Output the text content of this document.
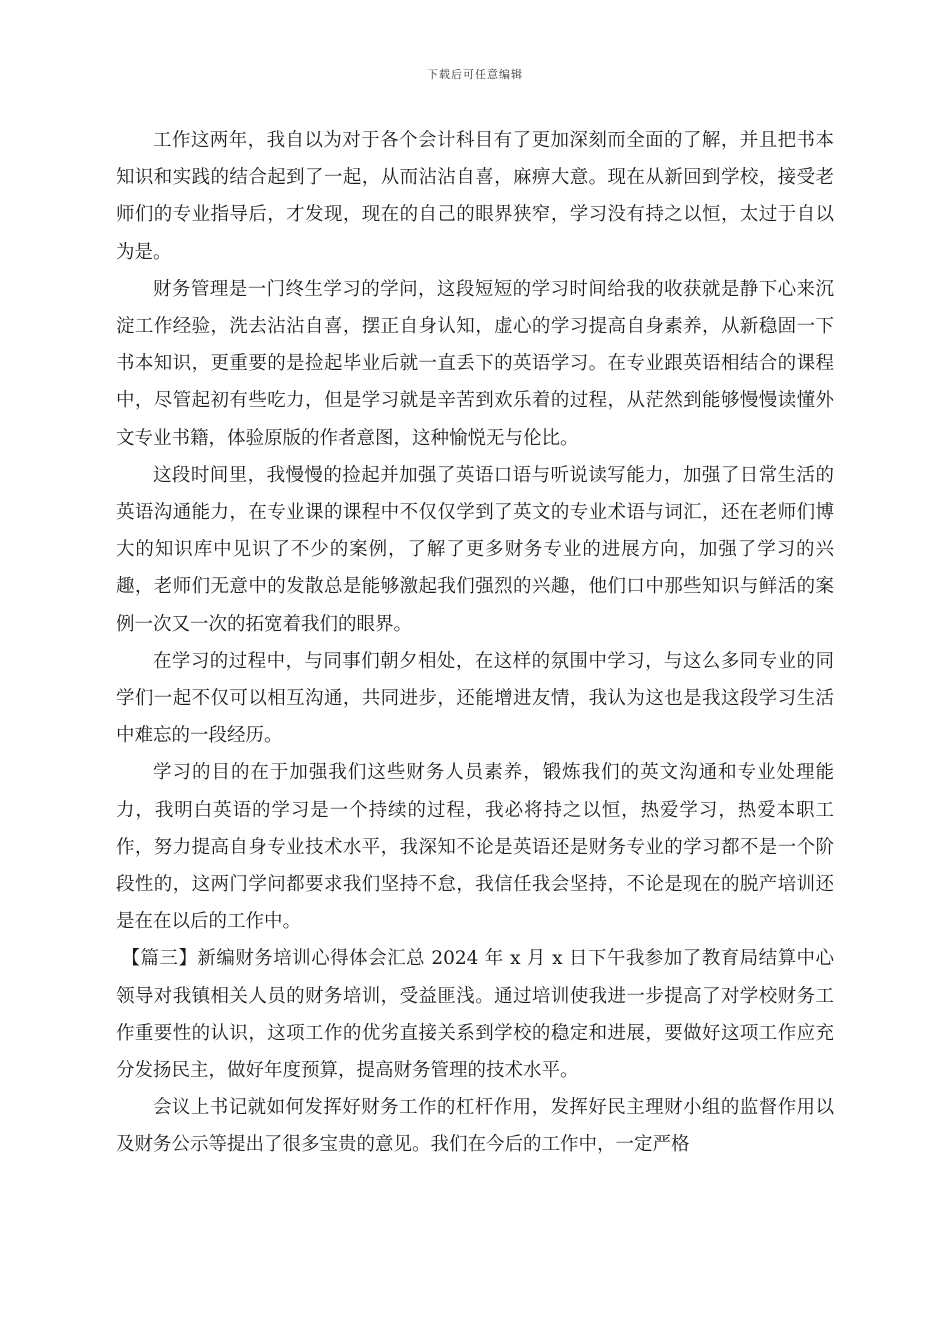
下载后可任意编辑

工作这两年，我自以为对于各个会计科目有了更加深刻而全面的了解，并且把书本知识和实践的结合起到了一起，从而沾沾自喜，麻痹大意。现在从新回到学校，接受老师们的专业指导后，才发现，现在的自己的眼界狭窄，学习没有持之以恒，太过于自以为是。

财务管理是一门终生学习的学问，这段短短的学习时间给我的收获就是静下心来沉淀工作经验，洗去沾沾自喜，摆正自身认知，虚心的学习提高自身素养，从新稳固一下书本知识，更重要的是捡起毕业后就一直丢下的英语学习。在专业跟英语相结合的课程中，尽管起初有些吃力，但是学习就是辛苦到欢乐着的过程，从茫然到能够慢慢读懂外文专业书籍，体验原版的作者意图，这种愉悦无与伦比。

这段时间里，我慢慢的捡起并加强了英语口语与听说读写能力，加强了日常生活的英语沟通能力，在专业课的课程中不仅仅学到了英文的专业术语与词汇，还在老师们博大的知识库中见识了不少的案例，了解了更多财务专业的进展方向，加强了学习的兴趣，老师们无意中的发散总是能够激起我们强烈的兴趣，他们口中那些知识与鲜活的案例一次又一次的拓宽着我们的眼界。

在学习的过程中，与同事们朝夕相处，在这样的氛围中学习，与这么多同专业的同学们一起不仅可以相互沟通，共同进步，还能增进友情，我认为这也是我这段学习生活中难忘的一段经历。

学习的目的在于加强我们这些财务人员素养，锻炼我们的英文沟通和专业处理能力，我明白英语的学习是一个持续的过程，我必将持之以恒，热爱学习，热爱本职工作，努力提高自身专业技术水平，我深知不论是英语还是财务专业的学习都不是一个阶段性的，这两门学问都要求我们坚持不怠，我信任我会坚持，不论是现在的脱产培训还是在在以后的工作中。

【篇三】新编财务培训心得体会汇总 2024 年 x 月 x 日下午我参加了教育局结算中心领导对我镇相关人员的财务培训，受益匪浅。通过培训使我进一步提高了对学校财务工作重要性的认识，这项工作的优劣直接关系到学校的稳定和进展，要做好这项工作应充分发扬民主，做好年度预算，提高财务管理的技术水平。

会议上书记就如何发挥好财务工作的杠杆作用，发挥好民主理财小组的监督作用以及财务公示等提出了很多宝贵的意见。我们在今后的工作中，一定严格
